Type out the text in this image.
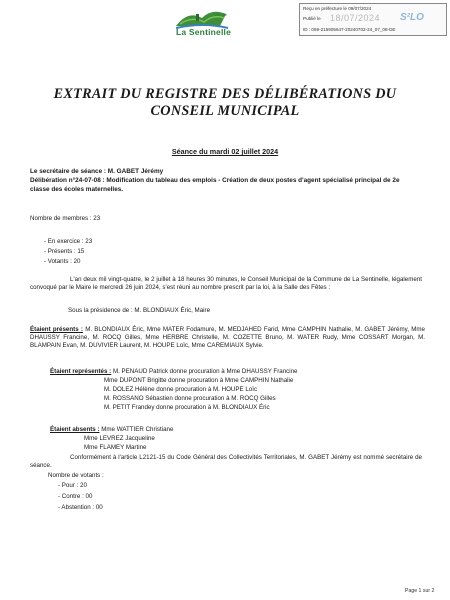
Ville de
La Sentinelle
Reçu en préfecture le 09/07/2024
Publié le 18/07/2024 S²LO
ID : 059-215905647-20240702-24_07_08-DE
EXTRAIT DU REGISTRE DES DÉLIBÉRATIONS DU CONSEIL MUNICIPAL
Séance du mardi 02 juillet 2024
Le secrétaire de séance : M. GABET Jérémy
Délibération n°24-07-08 : Modification du tableau des emplois - Création de deux postes d'agent spécialisé principal de 2e classe des écoles maternelles.
Nombre de membres : 23
- En exercice : 23
- Présents : 15
- Votants : 20
L'an deux mil vingt-quatre, le 2 juillet à 18 heures 30 minutes, le Conseil Municipal de la Commune de La Sentinelle, légalement convoqué par le Maire le mercredi 26 juin 2024, s'est réuni au nombre prescrit par la loi, à la Salle des Fêtes :
Sous la présidence de : M. BLONDIAUX Éric, Maire
Étaient présents : M. BLONDIAUX Éric, Mme MATER Fodamure, M. MEDJAHED Farid, Mme CAMPHIN Nathalie, M. GABET Jérémy, Mme DHAUSSY Francine, M. ROCQ Gilles, Mme HERBRE Christelle, M. COZETTE Bruno, M. WATER Rudy, Mme COSSART Morgan, M. BLAMPAIN Evan, M. DUVIVIER Laurent, M. HOUPE Loïc, Mme CAREMIAUX Sylvie.
Étaient représentés : M. PENAUD Patrick donne procuration à Mme DHAUSSY Francine
Mme DUPONT Brigitte donne procuration à Mme CAMPHIN Nathalie
M. DOLEZ Hélène donne procuration à M. HOUPE Loïc
M. ROSSANO Sébastien donne procuration à M. ROCQ Gilles
M. PETIT Frandey donne procuration à M. BLONDIAUX Éric
Étaient absents : Mme WATTIER Christiane
Mme LEVREZ Jacqueline
Mme FLAMEY Martine
Conformément à l'article L2121-15 du Code Général des Collectivités Territoriales, M. GABET Jérémy est nommé secrétaire de séance.
Nombre de votants :
- Pour : 20
- Contre : 00
- Abstention : 00
Page 1 sur 2
